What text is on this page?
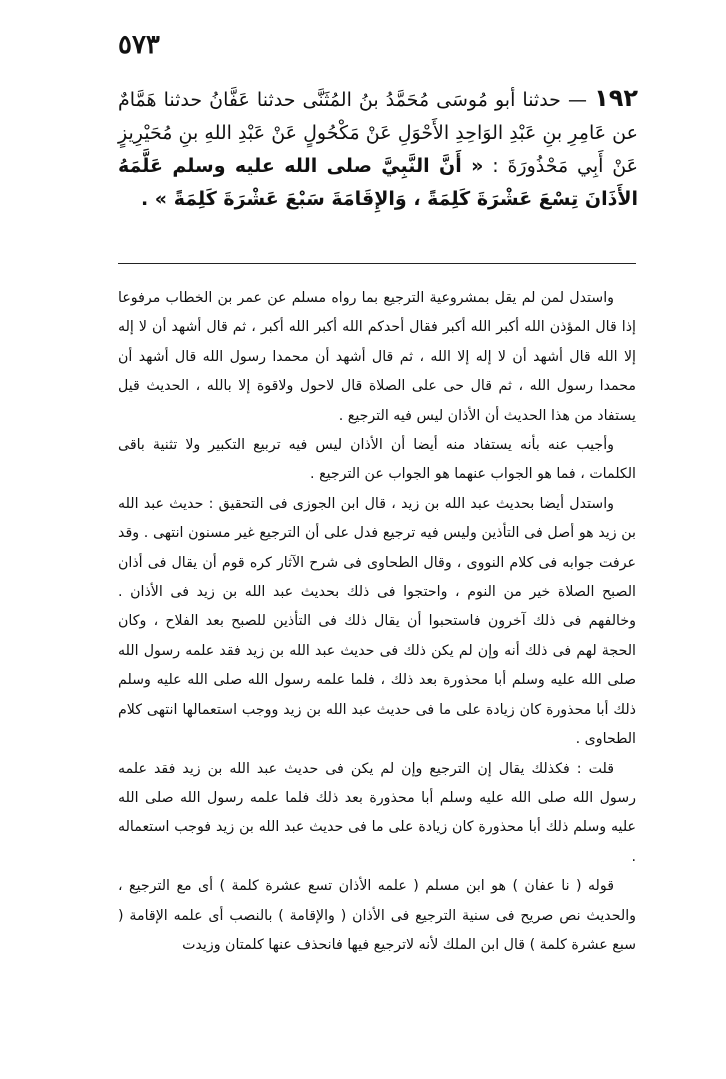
٥٧٣
١٩٢ — حدثنا أبو مُوسَى مُحَمَّدُ بنُ المُثَنَّى حدثنا عَفَّانُ حدثنا هَمَّامٌ عن عَامِرِ بنِ عَبْدِ الوَاحِدِ الأَحْوَلِ عَنْ مَكْحُولٍ عَنْ عَبْدِ اللهِ بنِ مُحَيْرِيزٍ عَنْ أَبِي مَحْذُورَةَ : « أَنَّ النَّبِيَّ صلى الله عليه وسلم عَلَّمَهُ الأَذَانَ تِسْعَ عَشْرَةَ كَلِمَةً ، وَالإِقَامَةَ سَبْعَ عَشْرَةَ كَلِمَةً » .

واستدل لمن لم يقل بمشروعية الترجيع بما رواه مسلم عن عمر بن الخطاب مرفوعا إذا قال المؤذن الله أكبر الله أكبر فقال أحدكم الله أكبر الله أكبر ، ثم قال أشهد أن لا إله إلا الله قال أشهد أن لا إله إلا الله ، ثم قال أشهد أن محمدا رسول الله قال أشهد أن محمدا رسول الله ، ثم قال حى على الصلاة قال لاحول ولاقوة إلا بالله ، الحديث قيل يستفاد من هذا الحديث أن الأذان ليس فيه الترجيع .

وأجيب عنه بأنه يستفاد منه أيضا أن الأذان ليس فيه تربيع التكبير ولا تثنية باقى الكلمات ، فما هو الجواب عنهما هو الجواب عن الترجيع .

واستدل أيضا بحديث عبد الله بن زيد ، قال ابن الجوزى فى التحقيق : حديث عبد الله بن زيد هو أصل فى التأذين وليس فيه ترجيع فدل على أن الترجيع غير مسنون انتهى . وقد عرفت جوابه فى كلام النووى ، وقال الطحاوى فى شرح الآثار كره قوم أن يقال فى أذان الصبح الصلاة خير من النوم ، واحتجوا فى ذلك بحديث عبد الله بن زيد فى الأذان . وخالفهم فى ذلك آخرون فاستحبوا أن يقال ذلك فى التأذين للصبح بعد الفلاح ، وكان الحجة لهم فى ذلك أنه وإن لم يكن ذلك فى حديث عبد الله بن زيد فقد علمه رسول الله صلى الله عليه وسلم أبا محذورة بعد ذلك ، فلما علمه رسول الله صلى الله عليه وسلم ذلك أبا محذورة كان زيادة على ما فى حديث عبد الله بن زيد ووجب استعمالها انتهى كلام الطحاوى .

قلت : فكذلك يقال إن الترجيع وإن لم يكن فى حديث عبد الله بن زيد فقد علمه رسول الله صلى الله عليه وسلم أبا محذورة بعد ذلك فلما علمه رسول الله صلى الله عليه وسلم ذلك أبا محذورة كان زيادة على ما فى حديث عبد الله بن زيد فوجب استعماله .

قوله ( نا عفان ) هو ابن مسلم ( علمه الأذان تسع عشرة كلمة ) أى مع الترجيع ، والحديث نص صريح فى سنية الترجيع فى الأذان ( والإقامة ) بالنصب أى علمه الإقامة ( سبع عشرة كلمة ) قال ابن الملك لأنه لاترجيع فيها فانحذف عنها كلمتان وزيدت
